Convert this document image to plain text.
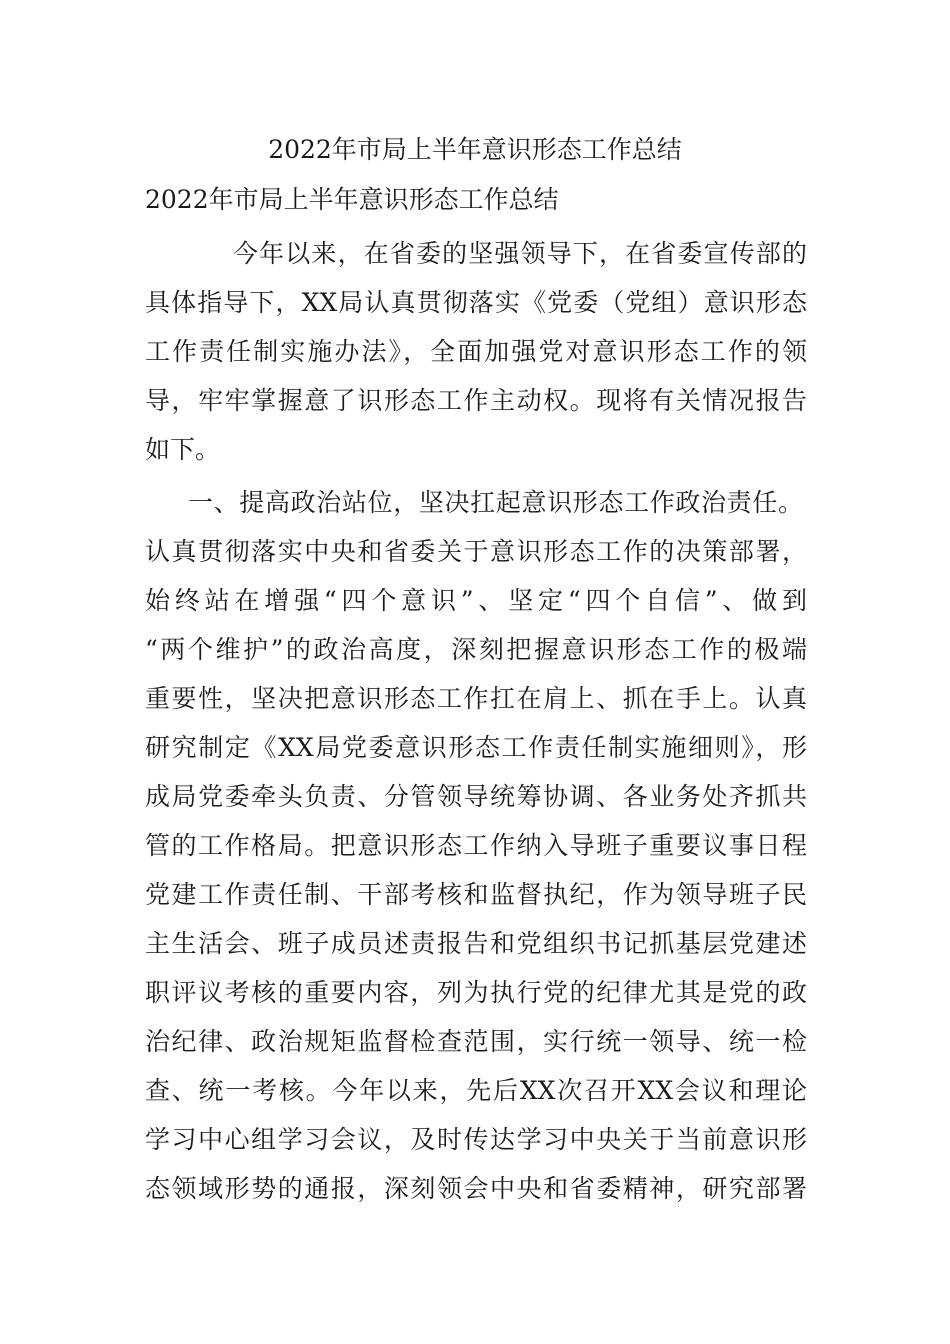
2022年市局上半年意识形态工作总结
2022年市局上半年意识形态工作总结
今年以来，在省委的坚强领导下，在省委宣传部的
具体指导下，XX局认真贯彻落实《党委（党组）意识形态
工作责任制实施办法》，全面加强党对意识形态工作的领
导，牢牢掌握意了识形态工作主动权。现将有关情况报告
如下。
一、提高政治站位，坚决扛起意识形态工作政治责任。
认真贯彻落实中央和省委关于意识形态工作的决策部署，
始终站在增强“四个意识”、坚定“四个自信”、做到
“两个维护”的政治高度，深刻把握意识形态工作的极端
重要性，坚决把意识形态工作扛在肩上、抓在手上。认真
研究制定《XX局党委意识形态工作责任制实施细则》，形
成局党委牵头负责、分管领导统筹协调、各业务处齐抓共
管的工作格局。把意识形态工作纳入导班子重要议事日程
党建工作责任制、干部考核和监督执纪，作为领导班子民
主生活会、班子成员述责报告和党组织书记抓基层党建述
职评议考核的重要内容，列为执行党的纪律尤其是党的政
治纪律、政治规矩监督检查范围，实行统一领导、统一检
查、统一考核。今年以来，先后XX次召开XX会议和理论
学习中心组学习会议，及时传达学习中央关于当前意识形
态领域形势的通报，深刻领会中央和省委精神，研究部署
